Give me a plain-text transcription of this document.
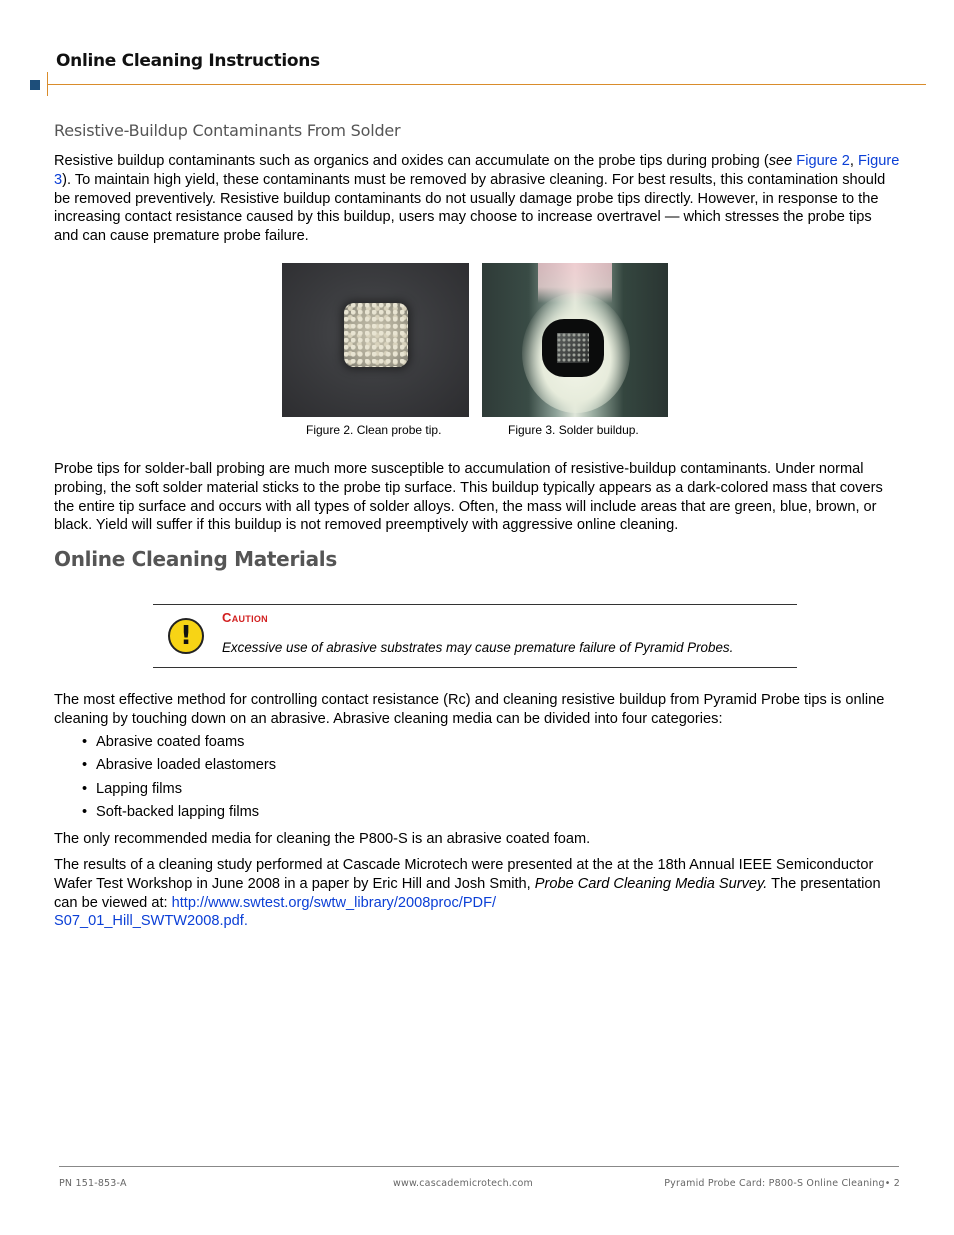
Online Cleaning Instructions
Resistive-Buildup Contaminants From Solder
Resistive buildup contaminants such as organics and oxides can accumulate on the probe tips during probing (see Figure 2, Figure 3). To maintain high yield, these contaminants must be removed by abrasive cleaning. For best results, this contamination should be removed preventively. Resistive buildup contaminants do not usually damage probe tips directly. However, in response to the increasing contact resistance caused by this buildup, users may choose to increase overtravel — which stresses the probe tips and can cause premature probe failure.
Figure 2. Clean probe tip.	Figure 3. Solder buildup.
Probe tips for solder-ball probing are much more susceptible to accumulation of resistive-buildup contaminants. Under normal probing, the soft solder material sticks to the probe tip surface. This buildup typically appears as a dark-colored mass that covers the entire tip surface and occurs with all types of solder alloys. Often, the mass will include areas that are green, blue, brown, or black. Yield will suffer if this buildup is not removed preemptively with aggressive online cleaning.
Online Cleaning Materials
!
Caution
Excessive use of abrasive substrates may cause premature failure of Pyramid Probes.
The most effective method for controlling contact resistance (Rc) and cleaning resistive buildup from Pyramid Probe tips is online cleaning by touching down on an abrasive. Abrasive cleaning media can be divided into four categories:
• Abrasive coated foams
• Abrasive loaded elastomers
• Lapping films
• Soft-backed lapping films
The only recommended media for cleaning the P800-S is an abrasive coated foam.
The results of a cleaning study performed at Cascade Microtech were presented at the at the 18th Annual IEEE Semiconductor Wafer Test Workshop in June 2008 in a paper by Eric Hill and Josh Smith, Probe Card Cleaning Media Survey. The presentation can be viewed at: http://www.swtest.org/swtw_library/2008proc/PDF/
S07_01_Hill_SWTW2008.pdf.
PN 151-853-A	www.cascademicrotech.com	Pyramid Probe Card: P800-S Online Cleaning• 2
